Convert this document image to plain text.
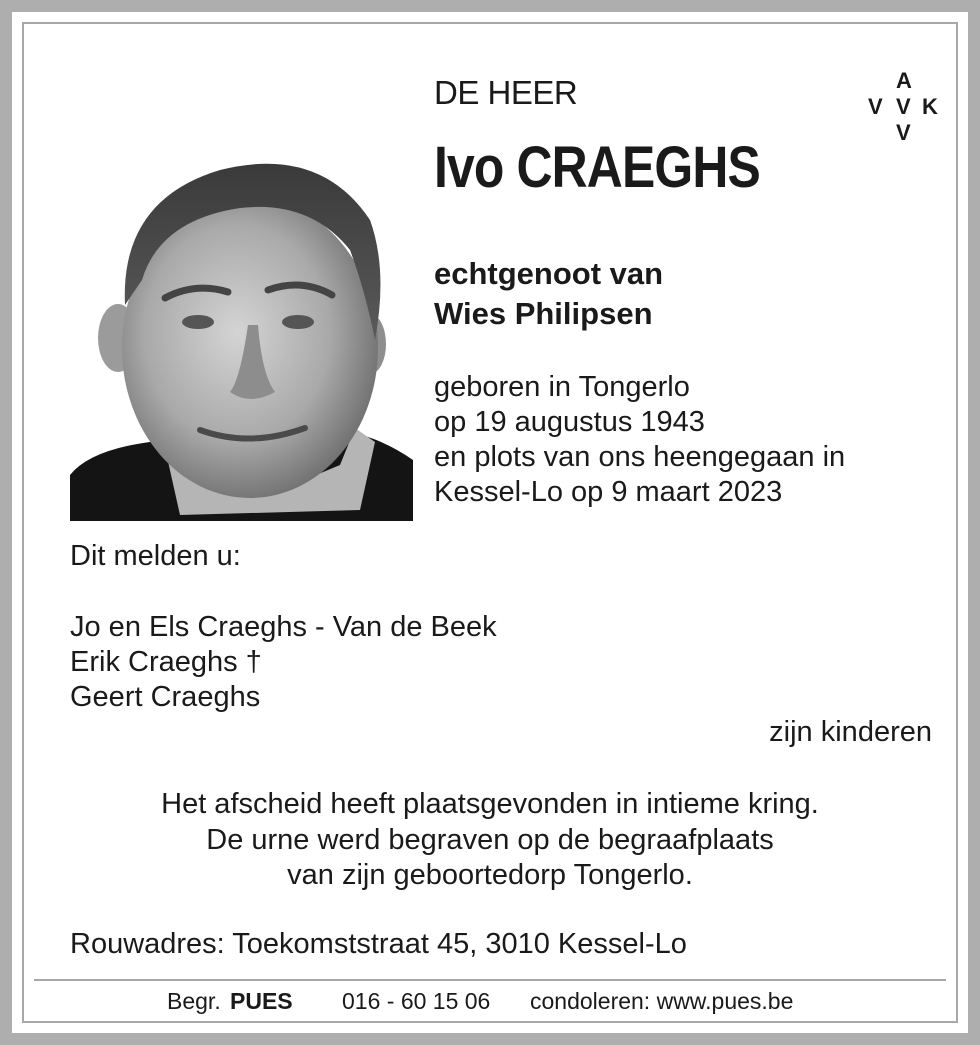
DE HEER
Ivo CRAEGHS
echtgenoot van
Wies Philipsen
geboren in Tongerlo
op 19 augustus 1943
en plots van ons heengegaan in
Kessel-Lo op 9 maart 2023
A
V V K
V
Dit melden u:
Jo en Els Craeghs - Van de Beek
Erik Craeghs †
Geert Craeghs
zijn kinderen
Het afscheid heeft plaatsgevonden in intieme kring.
De urne werd begraven op de begraafplaats
van zijn geboortedorp Tongerlo.
Rouwadres: Toekomststraat 45, 3010 Kessel-Lo
Begr. PUES 016 - 60 15 06 condoleren: www.pues.be
